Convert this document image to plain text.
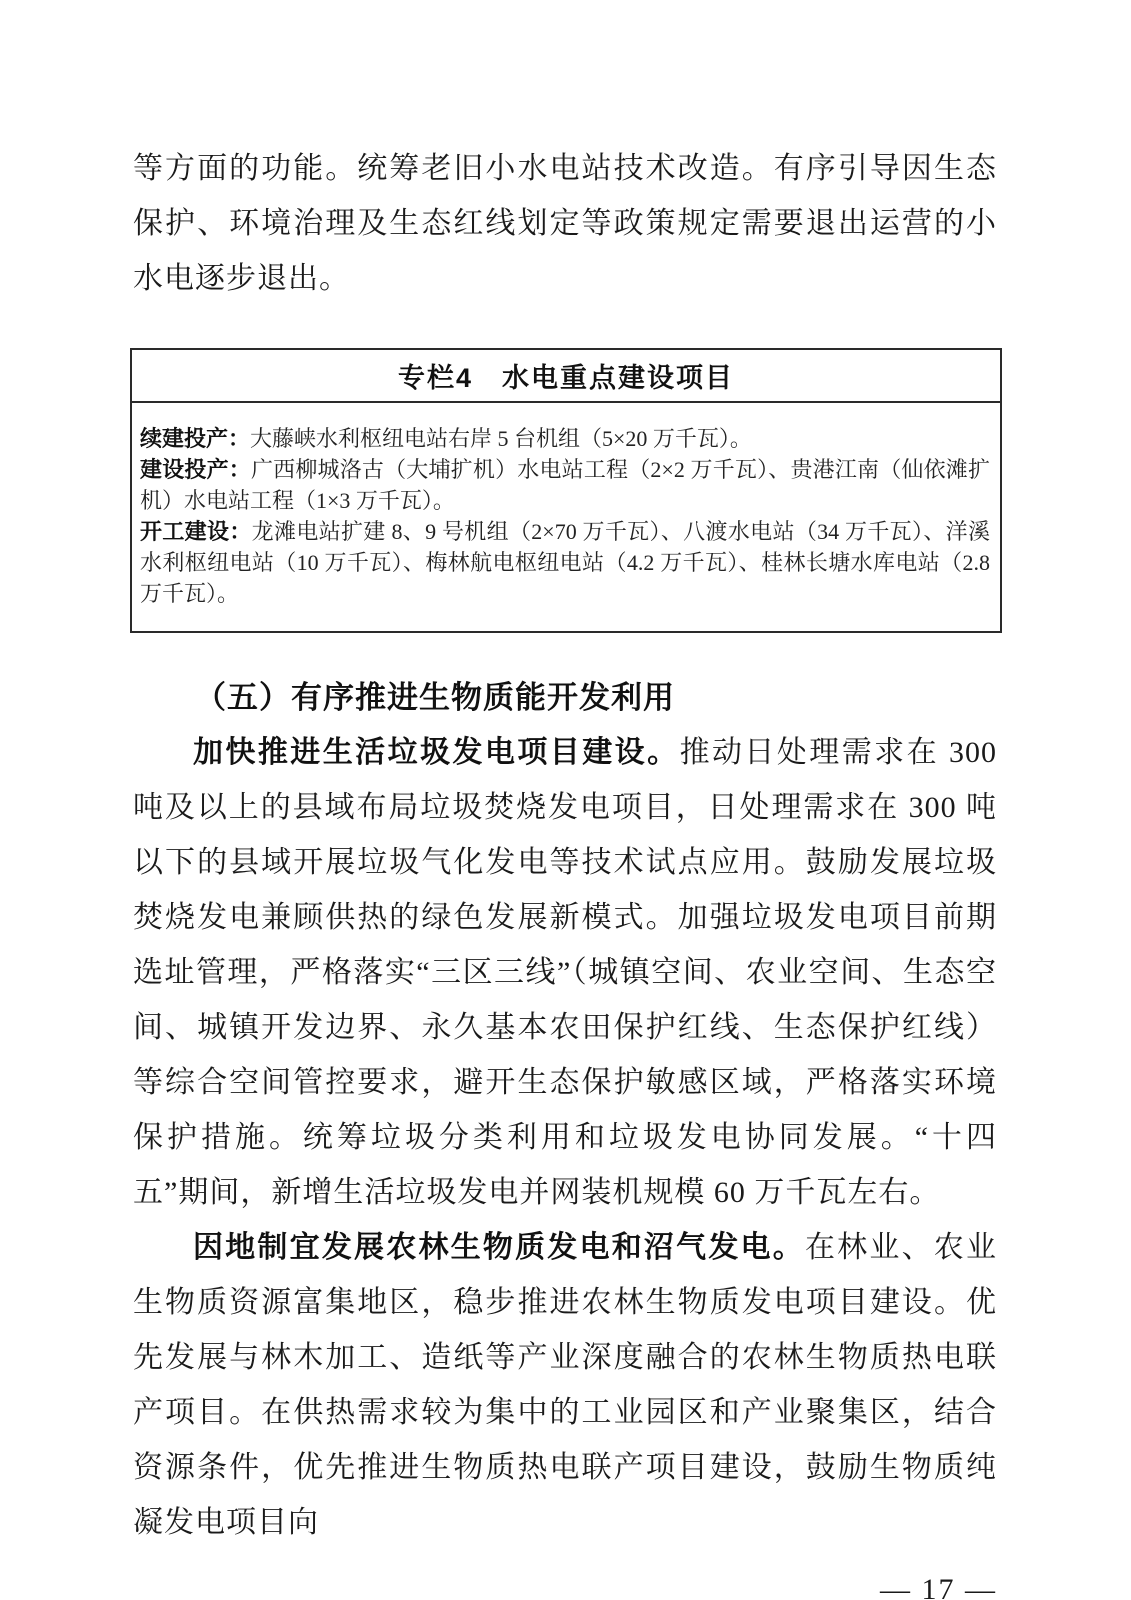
等方面的功能。统筹老旧小水电站技术改造。有序引导因生态保护、环境治理及生态红线划定等政策规定需要退出运营的小水电逐步退出。

专栏4　水电重点建设项目

续建投产：大藤峡水利枢纽电站右岸 5 台机组（5×20 万千瓦）。

建设投产：广西柳城洛古（大埔扩机）水电站工程（2×2 万千瓦）、贵港江南（仙依滩扩机）水电站工程（1×3 万千瓦）。

开工建设：龙滩电站扩建 8、9 号机组（2×70 万千瓦）、八渡水电站（34 万千瓦）、洋溪水利枢纽电站（10 万千瓦）、梅林航电枢纽电站（4.2 万千瓦）、桂林长塘水库电站（2.8 万千瓦）。

（五）有序推进生物质能开发利用

加快推进生活垃圾发电项目建设。推动日处理需求在 300 吨及以上的县域布局垃圾焚烧发电项目，日处理需求在 300 吨以下的县域开展垃圾气化发电等技术试点应用。鼓励发展垃圾焚烧发电兼顾供热的绿色发展新模式。加强垃圾发电项目前期选址管理，严格落实“三区三线”（城镇空间、农业空间、生态空间、城镇开发边界、永久基本农田保护红线、生态保护红线）等综合空间管控要求，避开生态保护敏感区域，严格落实环境保护措施。统筹垃圾分类利用和垃圾发电协同发展。“十四五”期间，新增生活垃圾发电并网装机规模 60 万千瓦左右。

因地制宜发展农林生物质发电和沼气发电。在林业、农业生物质资源富集地区，稳步推进农林生物质发电项目建设。优先发展与林木加工、造纸等产业深度融合的农林生物质热电联产项目。在供热需求较为集中的工业园区和产业聚集区，结合资源条件，优先推进生物质热电联产项目建设，鼓励生物质纯凝发电项目向

— 17 —
